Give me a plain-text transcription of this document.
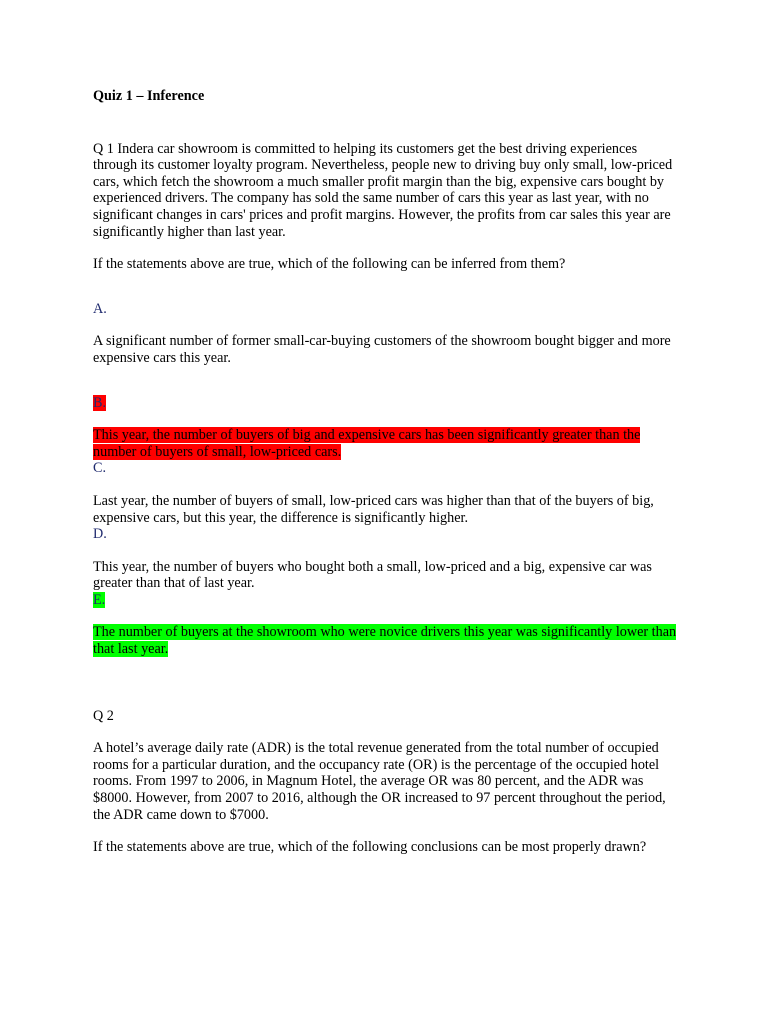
Quiz 1 – Inference

Q 1 Indera car showroom is committed to helping its customers get the best driving experiences through its customer loyalty program. Nevertheless, people new to driving buy only small, low-priced cars, which fetch the showroom a much smaller profit margin than the big, expensive cars bought by experienced drivers. The company has sold the same number of cars this year as last year, with no significant changes in cars' prices and profit margins. However, the profits from car sales this year are significantly higher than last year.

If the statements above are true, which of the following can be inferred from them?

A.

A significant number of former small-car-buying customers of the showroom bought bigger and more expensive cars this year.

B.

This year, the number of buyers of big and expensive cars has been significantly greater than the number of buyers of small, low-priced cars.

C.

Last year, the number of buyers of small, low-priced cars was higher than that of the buyers of big, expensive cars, but this year, the difference is significantly higher.

D.

This year, the number of buyers who bought both a small, low-priced and a big, expensive car was greater than that of last year.

E.

The number of buyers at the showroom who were novice drivers this year was significantly lower than that last year.

Q 2

A hotel’s average daily rate (ADR) is the total revenue generated from the total number of occupied rooms for a particular duration, and the occupancy rate (OR) is the percentage of the occupied hotel rooms. From 1997 to 2006, in Magnum Hotel, the average OR was 80 percent, and the ADR was $8000. However, from 2007 to 2016, although the OR increased to 97 percent throughout the period, the ADR came down to $7000.

If the statements above are true, which of the following conclusions can be most properly drawn?
